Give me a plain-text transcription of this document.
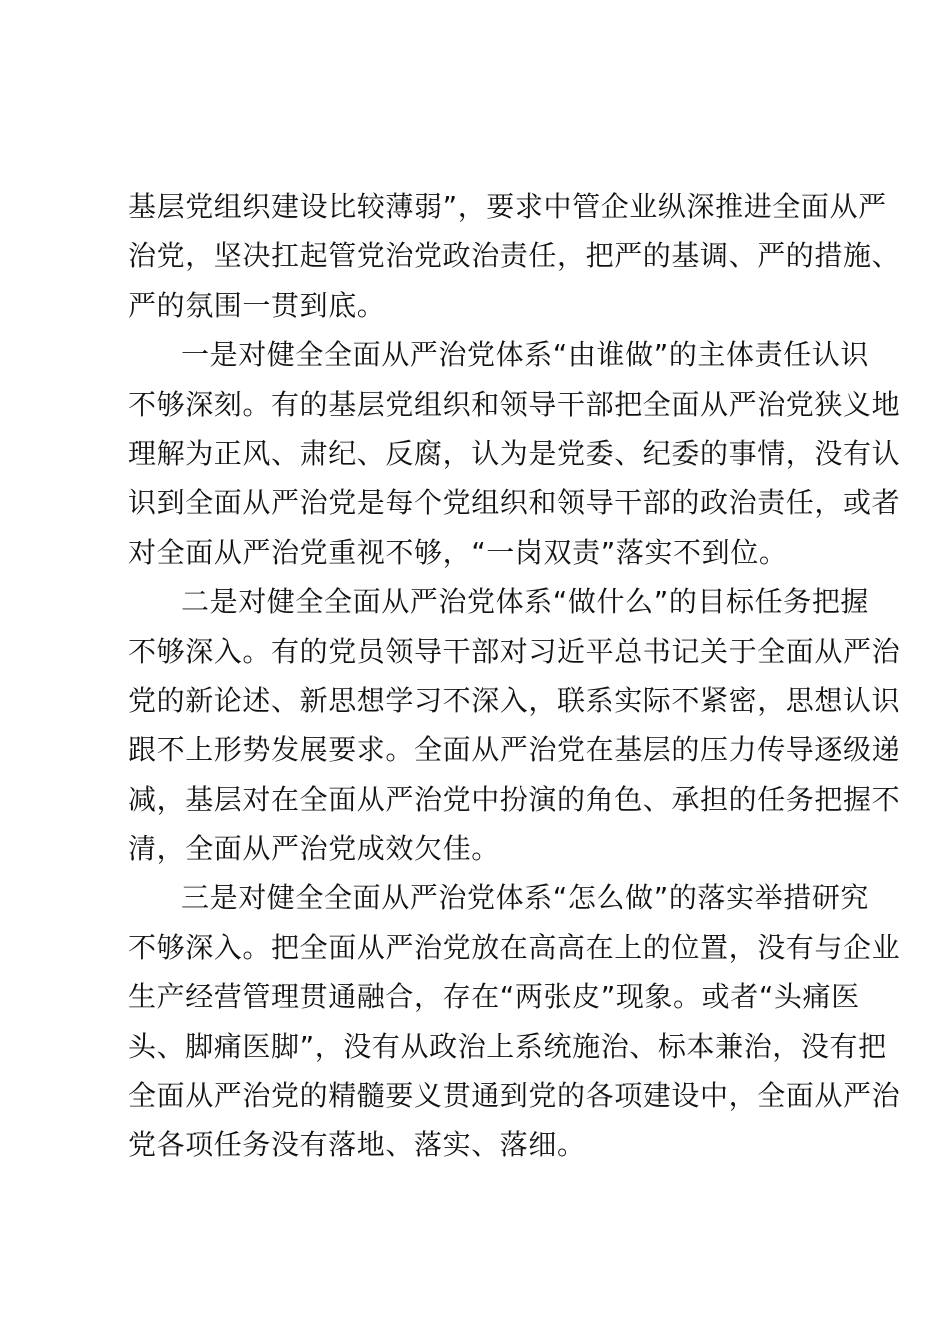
基层党组织建设比较薄弱”，要求中管企业纵深推进全面从严
治党，坚决扛起管党治党政治责任，把严的基调、严的措施、
严的氛围一贯到底。
一是对健全全面从严治党体系“由谁做”的主体责任认识
不够深刻。有的基层党组织和领导干部把全面从严治党狭义地
理解为正风、肃纪、反腐，认为是党委、纪委的事情，没有认
识到全面从严治党是每个党组织和领导干部的政治责任，或者
对全面从严治党重视不够，“一岗双责”落实不到位。
二是对健全全面从严治党体系“做什么”的目标任务把握
不够深入。有的党员领导干部对习近平总书记关于全面从严治
党的新论述、新思想学习不深入，联系实际不紧密，思想认识
跟不上形势发展要求。全面从严治党在基层的压力传导逐级递
减，基层对在全面从严治党中扮演的角色、承担的任务把握不
清，全面从严治党成效欠佳。
三是对健全全面从严治党体系“怎么做”的落实举措研究
不够深入。把全面从严治党放在高高在上的位置，没有与企业
生产经营管理贯通融合，存在“两张皮”现象。或者“头痛医
头、脚痛医脚”，没有从政治上系统施治、标本兼治，没有把
全面从严治党的精髓要义贯通到党的各项建设中，全面从严治
党各项任务没有落地、落实、落细。
